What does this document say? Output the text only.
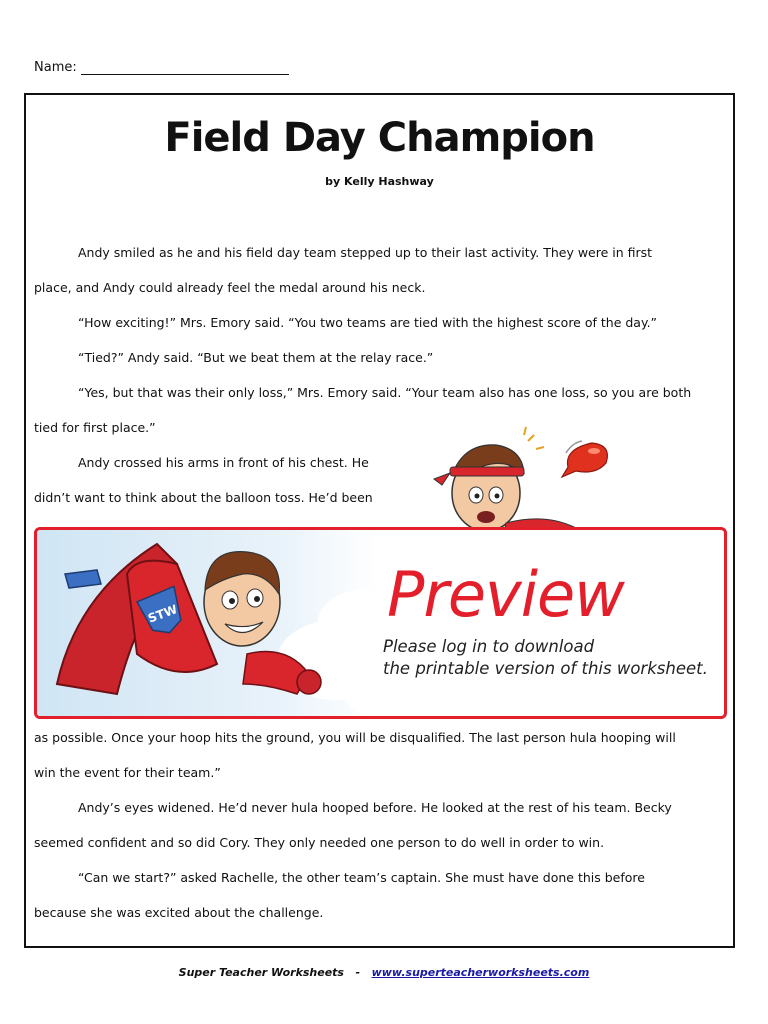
Name:
Field Day Champion
by Kelly Hashway
Andy smiled as he and his field day team stepped up to their last activity. They were in first
place, and Andy could already feel the medal around his neck.
“How exciting!” Mrs. Emory said. “You two teams are tied with the highest score of the day.”
“Tied?” Andy said. “But we beat them at the relay race.”
“Yes, but that was their only loss,” Mrs. Emory said. “Your team also has one loss, so you are both
tied for first place.”
Andy crossed his arms in front of his chest. He
didn’t want to think about the balloon toss. He’d been
as possible. Once your hoop hits the ground, you will be disqualified. The last person hula hooping will
win the event for their team.”
Andy’s eyes widened. He’d never hula hooped before. He looked at the rest of his team. Becky
seemed confident and so did Cory. They only needed one person to do well in order to win.
“Can we start?” asked Rachelle, the other team’s captain. She must have done this before
because she was excited about the challenge.
STW	Preview
Please log in to download
the printable version of this worksheet.
Super Teacher Worksheets - www.superteacherworksheets.com
